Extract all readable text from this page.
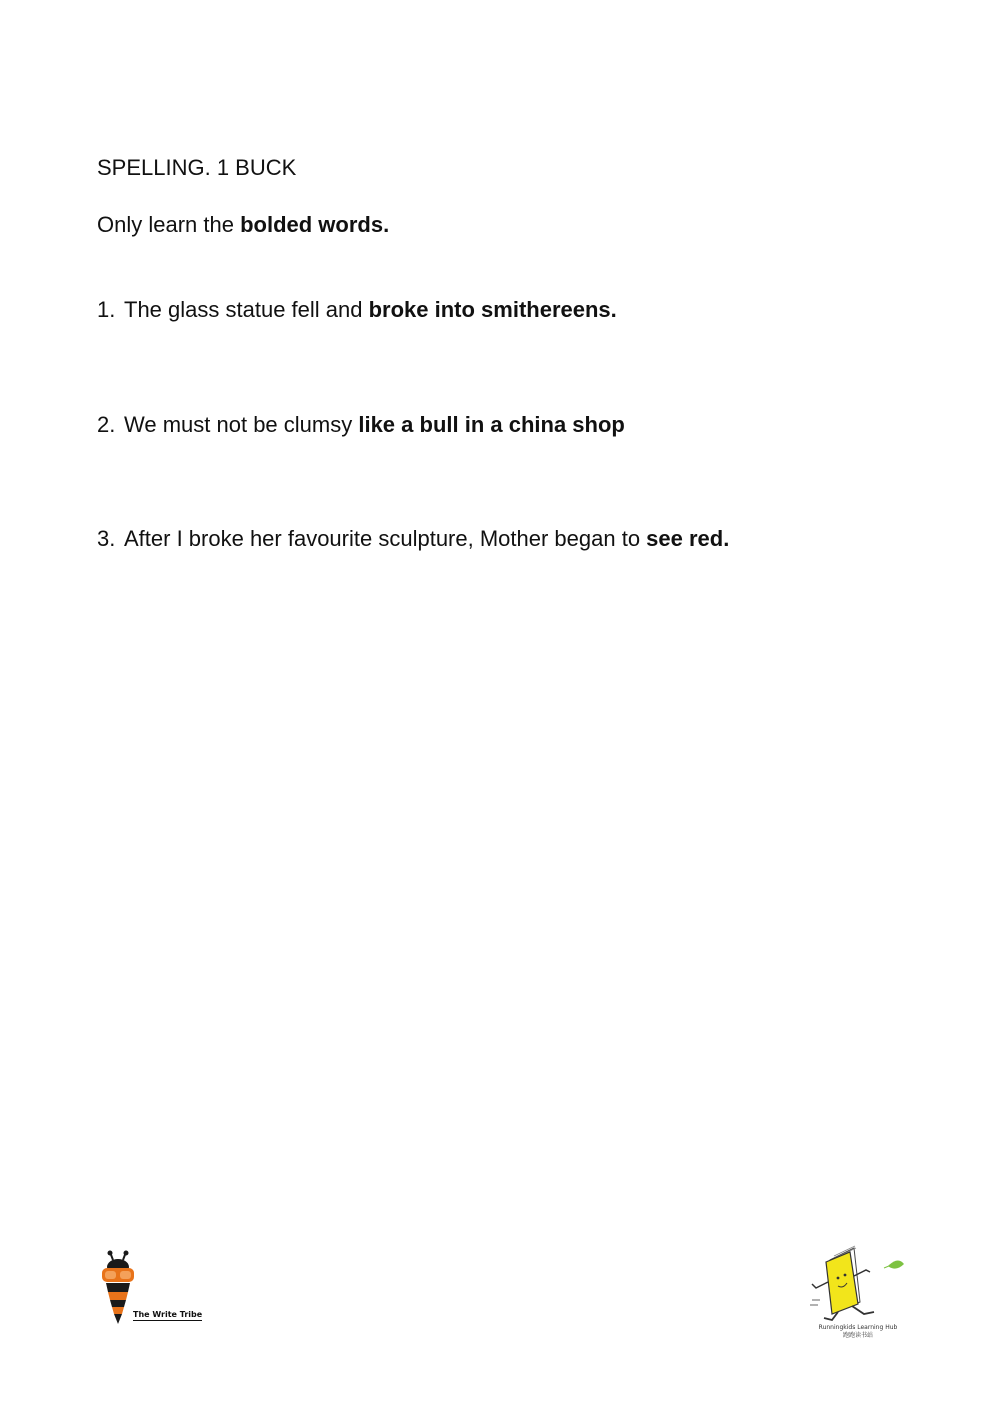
SPELLING. 1 BUCK

Only learn the bolded words.

1. The glass statue fell and broke into smithereens.

2. We must not be clumsy like a bull in a china shop

3. After I broke her favourite sculpture, Mother began to see red.

The Write Tribe
Runningkids Learning Hub
跑跑读书站
